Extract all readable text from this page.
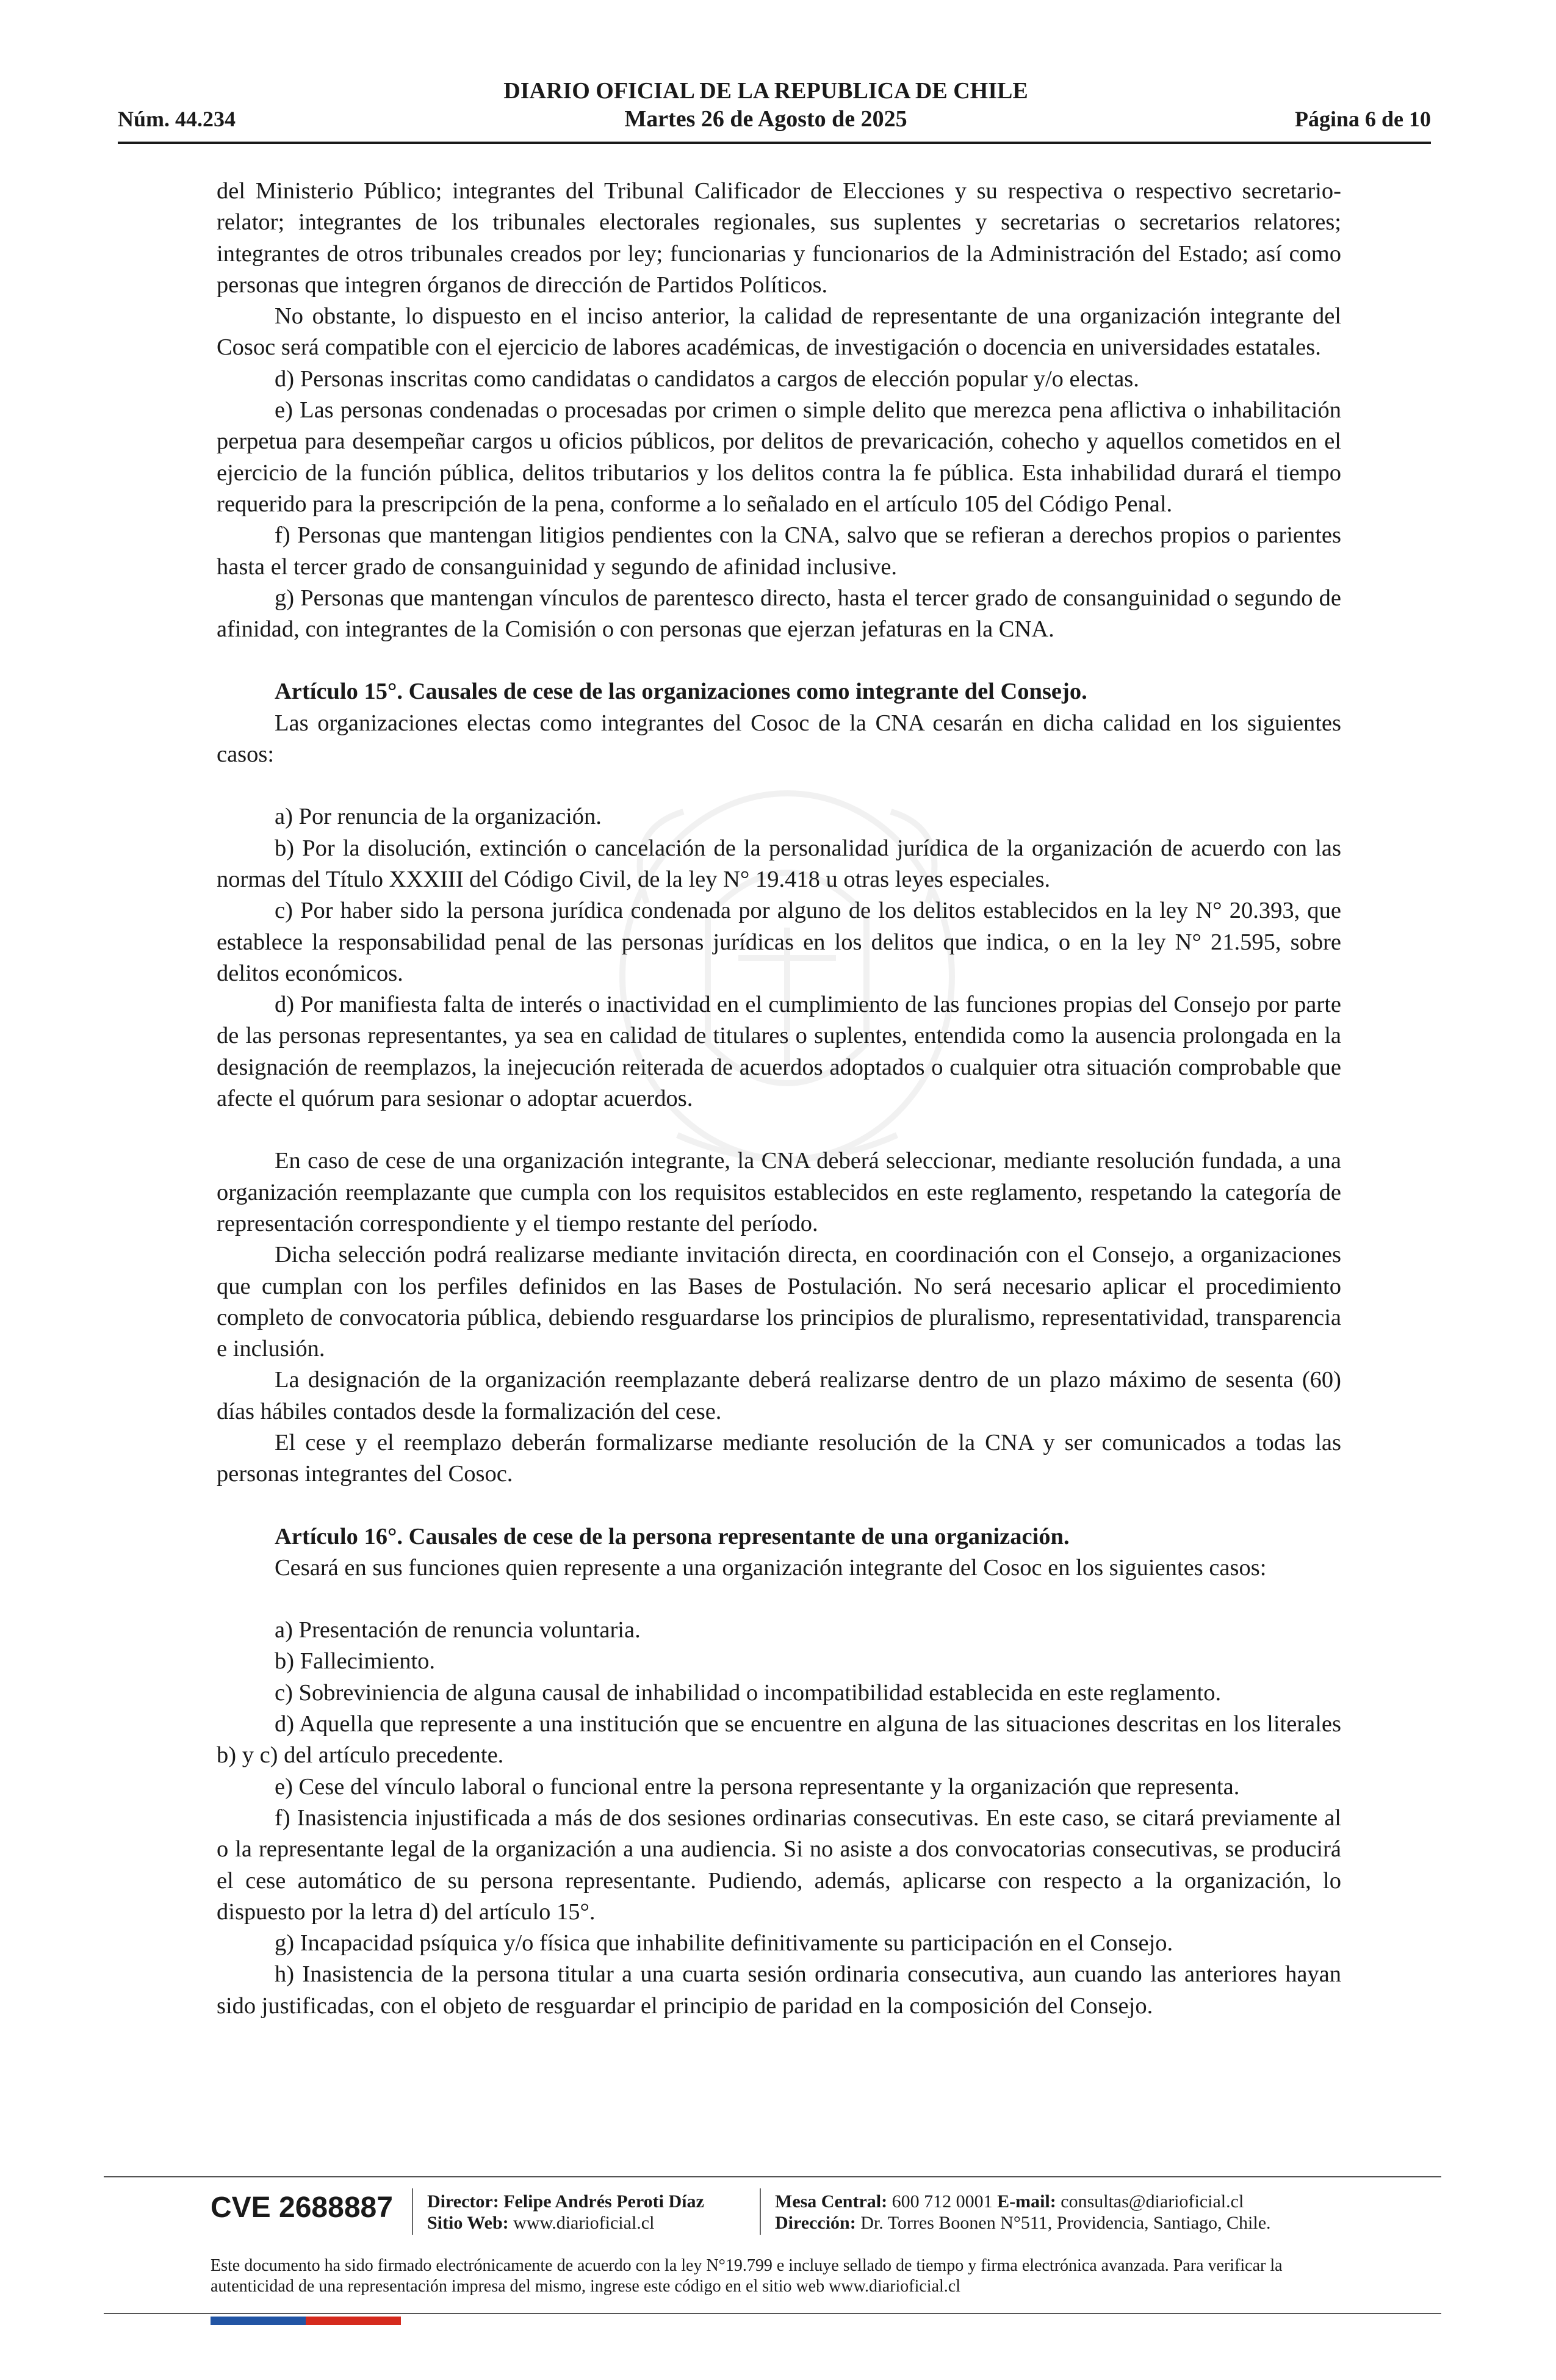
Núm. 44.234
DIARIO OFICIAL DE LA REPUBLICA DE CHILE
Martes 26 de Agosto de 2025	Página 6 de 10

del Ministerio Público; integrantes del Tribunal Calificador de Elecciones y su respectiva o respectivo secretario-relator; integrantes de los tribunales electorales regionales, sus suplentes y secretarias o secretarios relatores; integrantes de otros tribunales creados por ley; funcionarias y funcionarios de la Administración del Estado; así como personas que integren órganos de dirección de Partidos Políticos.

No obstante, lo dispuesto en el inciso anterior, la calidad de representante de una organización integrante del Cosoc será compatible con el ejercicio de labores académicas, de investigación o docencia en universidades estatales.

d) Personas inscritas como candidatas o candidatos a cargos de elección popular y/o electas.

e) Las personas condenadas o procesadas por crimen o simple delito que merezca pena aflictiva o inhabilitación perpetua para desempeñar cargos u oficios públicos, por delitos de prevaricación, cohecho y aquellos cometidos en el ejercicio de la función pública, delitos tributarios y los delitos contra la fe pública. Esta inhabilidad durará el tiempo requerido para la prescripción de la pena, conforme a lo señalado en el artículo 105 del Código Penal.

f) Personas que mantengan litigios pendientes con la CNA, salvo que se refieran a derechos propios o parientes hasta el tercer grado de consanguinidad y segundo de afinidad inclusive.

g) Personas que mantengan vínculos de parentesco directo, hasta el tercer grado de consanguinidad o segundo de afinidad, con integrantes de la Comisión o con personas que ejerzan jefaturas en la CNA.

Artículo 15°. Causales de cese de las organizaciones como integrante del Consejo.

Las organizaciones electas como integrantes del Cosoc de la CNA cesarán en dicha calidad en los siguientes casos:

a) Por renuncia de la organización.

b) Por la disolución, extinción o cancelación de la personalidad jurídica de la organización de acuerdo con las normas del Título XXXIII del Código Civil, de la ley N° 19.418 u otras leyes especiales.

c) Por haber sido la persona jurídica condenada por alguno de los delitos establecidos en la ley N° 20.393, que establece la responsabilidad penal de las personas jurídicas en los delitos que indica, o en la ley N° 21.595, sobre delitos económicos.

d) Por manifiesta falta de interés o inactividad en el cumplimiento de las funciones propias del Consejo por parte de las personas representantes, ya sea en calidad de titulares o suplentes, entendida como la ausencia prolongada en la designación de reemplazos, la inejecución reiterada de acuerdos adoptados o cualquier otra situación comprobable que afecte el quórum para sesionar o adoptar acuerdos.

En caso de cese de una organización integrante, la CNA deberá seleccionar, mediante resolución fundada, a una organización reemplazante que cumpla con los requisitos establecidos en este reglamento, respetando la categoría de representación correspondiente y el tiempo restante del período.

Dicha selección podrá realizarse mediante invitación directa, en coordinación con el Consejo, a organizaciones que cumplan con los perfiles definidos en las Bases de Postulación. No será necesario aplicar el procedimiento completo de convocatoria pública, debiendo resguardarse los principios de pluralismo, representatividad, transparencia e inclusión.

La designación de la organización reemplazante deberá realizarse dentro de un plazo máximo de sesenta (60) días hábiles contados desde la formalización del cese.

El cese y el reemplazo deberán formalizarse mediante resolución de la CNA y ser comunicados a todas las personas integrantes del Cosoc.

Artículo 16°. Causales de cese de la persona representante de una organización.

Cesará en sus funciones quien represente a una organización integrante del Cosoc en los siguientes casos:

a) Presentación de renuncia voluntaria.

b) Fallecimiento.

c) Sobreviniencia de alguna causal de inhabilidad o incompatibilidad establecida en este reglamento.

d) Aquella que represente a una institución que se encuentre en alguna de las situaciones descritas en los literales b) y c) del artículo precedente.

e) Cese del vínculo laboral o funcional entre la persona representante y la organización que representa.

f) Inasistencia injustificada a más de dos sesiones ordinarias consecutivas. En este caso, se citará previamente al o la representante legal de la organización a una audiencia. Si no asiste a dos convocatorias consecutivas, se producirá el cese automático de su persona representante. Pudiendo, además, aplicarse con respecto a la organización, lo dispuesto por la letra d) del artículo 15°.

g) Incapacidad psíquica y/o física que inhabilite definitivamente su participación en el Consejo.

h) Inasistencia de la persona titular a una cuarta sesión ordinaria consecutiva, aun cuando las anteriores hayan sido justificadas, con el objeto de resguardar el principio de paridad en la composición del Consejo.

CVE 2688887 Director: Felipe Andrés Peroti Díaz
Sitio Web: www.diarioficial.cl
Mesa Central: 600 712 0001 E-mail: consultas@diarioficial.cl
Dirección: Dr. Torres Boonen N°511, Providencia, Santiago, Chile.
Este documento ha sido firmado electrónicamente de acuerdo con la ley N°19.799 e incluye sellado de tiempo y firma electrónica avanzada. Para verificar la autenticidad de una representación impresa del mismo, ingrese este código en el sitio web www.diarioficial.cl
